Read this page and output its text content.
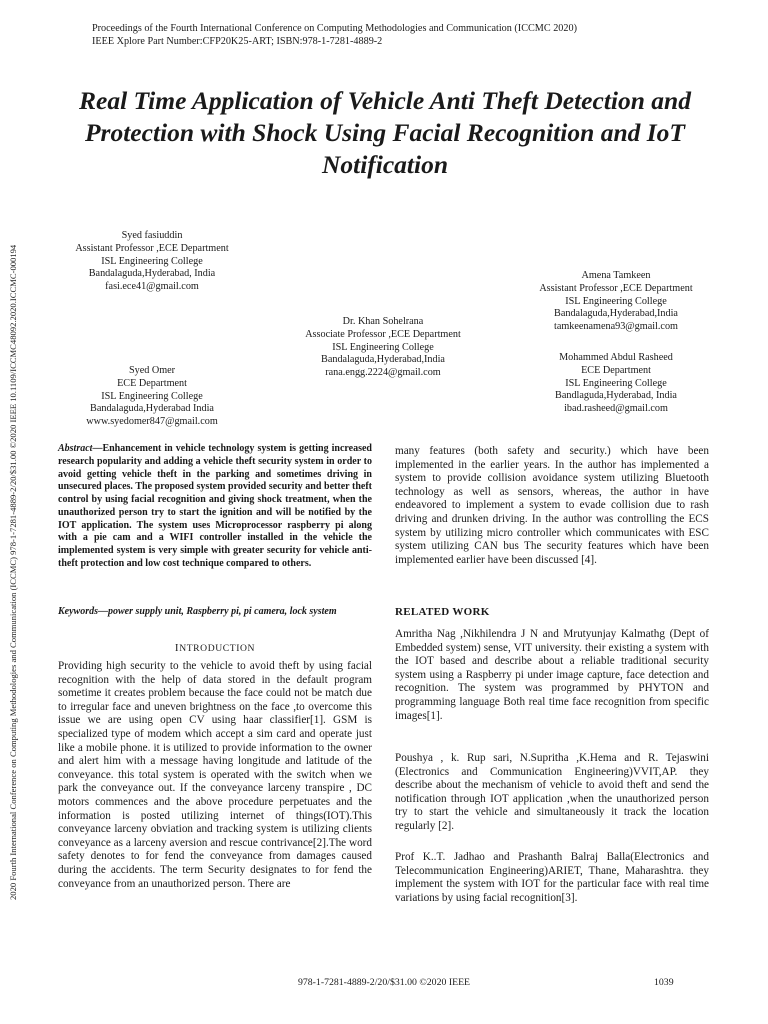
2020 Fourth International Conference on Computing Methodologies and Communication (ICCMC) 978-1-7281-4889-2/20/$31.00 ©2020 IEEE 10.1109/ICCMC48092.2020.ICCMC-000194
Proceedings of the Fourth International Conference on Computing Methodologies and Communication (ICCMC 2020)
IEEE Xplore Part Number:CFP20K25-ART; ISBN:978-1-7281-4889-2
Real Time Application of Vehicle Anti Theft Detection and Protection with Shock Using Facial Recognition and IoT Notification
Syed fasiuddin
Assistant Professor ,ECE Department
ISL Engineering College
Bandalaguda,Hyderabad, India
fasi.ece41@gmail.com
Dr. Khan Sohelrana
Associate Professor ,ECE Department
ISL Engineering College
Bandalaguda,Hyderabad,India
rana.engg.2224@gmail.com
Amena Tamkeen
Assistant Professor ,ECE Department
ISL Engineering College
Bandalaguda,Hyderabad,India
tamkeenamena93@gmail.com
Syed Omer
ECE Department
ISL Engineering College
Bandalaguda,Hyderabad India
www.syedomer847@gmail.com
Mohammed Abdul Rasheed
ECE Department
ISL Engineering College
Bandlaguda,Hyderabad, India
ibad.rasheed@gmail.com
Abstract—Enhancement in vehicle technology system is getting increased research popularity and adding a vehicle theft security system in order to avoid getting vehicle theft in the parking and sometimes driving in unsecured places. The proposed system provided security and better theft control by using facial recognition and giving shock treatment, when the unauthorized person try to start the ignition and will be notified by the IOT application. The system uses Microprocessor raspberry pi along with a pie cam and a WIFI controller installed in the vehicle the implemented system is very simple with greater security for vehicle anti-theft protection and low cost technique compared to others.
Keywords—power supply unit, Raspberry pi, pi camera, lock system
INTRODUCTION

Providing high security to the vehicle to avoid theft by using facial recognition with the help of data stored in the default program sometime it creates problem because the face could not be match due to irregular face and uneven brightness on the face ,to overcome this issue we are using open CV using haar classifier[1]. GSM is specialized type of modem which accept a sim card and operate just like a mobile phone. it is utilized to provide information to the owner and alert him with a message having longitude and latitude of the conveyance. this total system is operated with the switch when we park the conveyance out. If the conveyance larceny transpire , DC motors commences and the above procedure perpetuates and the information is posted utilizing internet of things(IOT).This conveyance larceny obviation and tracking system is utilizing clients conveyance as a larceny aversion and rescue contrivance[2].The word safety denotes to for fend the conveyance from damages caused during the accidents. The term Security designates to for fend the conveyance from an unauthorized person. There are

many features (both safety and security.) which have been implemented in the earlier years. In the author has implemented a system to provide collision avoidance system utilizing Bluetooth technology as well as sensors, whereas, the author in have endeavored to implement a system to evade collision due to rash driving and drunken driving. In the author was controlling the ECS system by utilizing micro controller which communicates with ESC system utilizing CAN bus The security features which have been implemented earlier have been discussed [4].

RELATED WORK

Amritha Nag ,Nikhilendra J N and Mrutyunjay Kalmathg (Dept of Embedded system) sense, VIT university. their existing a system with the IOT based and describe about a reliable traditional security system using a Raspberry pi under image capture, face detection and recognition. The system was programmed by PHYTON and programming language Both real time face recognition from specific images[1].

Poushya , k. Rup sari, N.Supritha ,K.Hema and R. Tejaswini (Electronics and Communication Engineering)VVIT,AP. they describe about the mechanism of vehicle to avoid theft and send the notification through IOT application ,when the unauthorized person try to start the vehicle and simultaneously it track the location regularly [2].

Prof K..T. Jadhao and Prashanth Balraj Balla(Electronics and Telecommunication Engineering)ARIET, Thane, Maharashtra. they implement the system with IOT for the particular face with real time variations by using facial recognition[3].

978-1-7281-4889-2/20/$31.00 ©2020 IEEE	1039
